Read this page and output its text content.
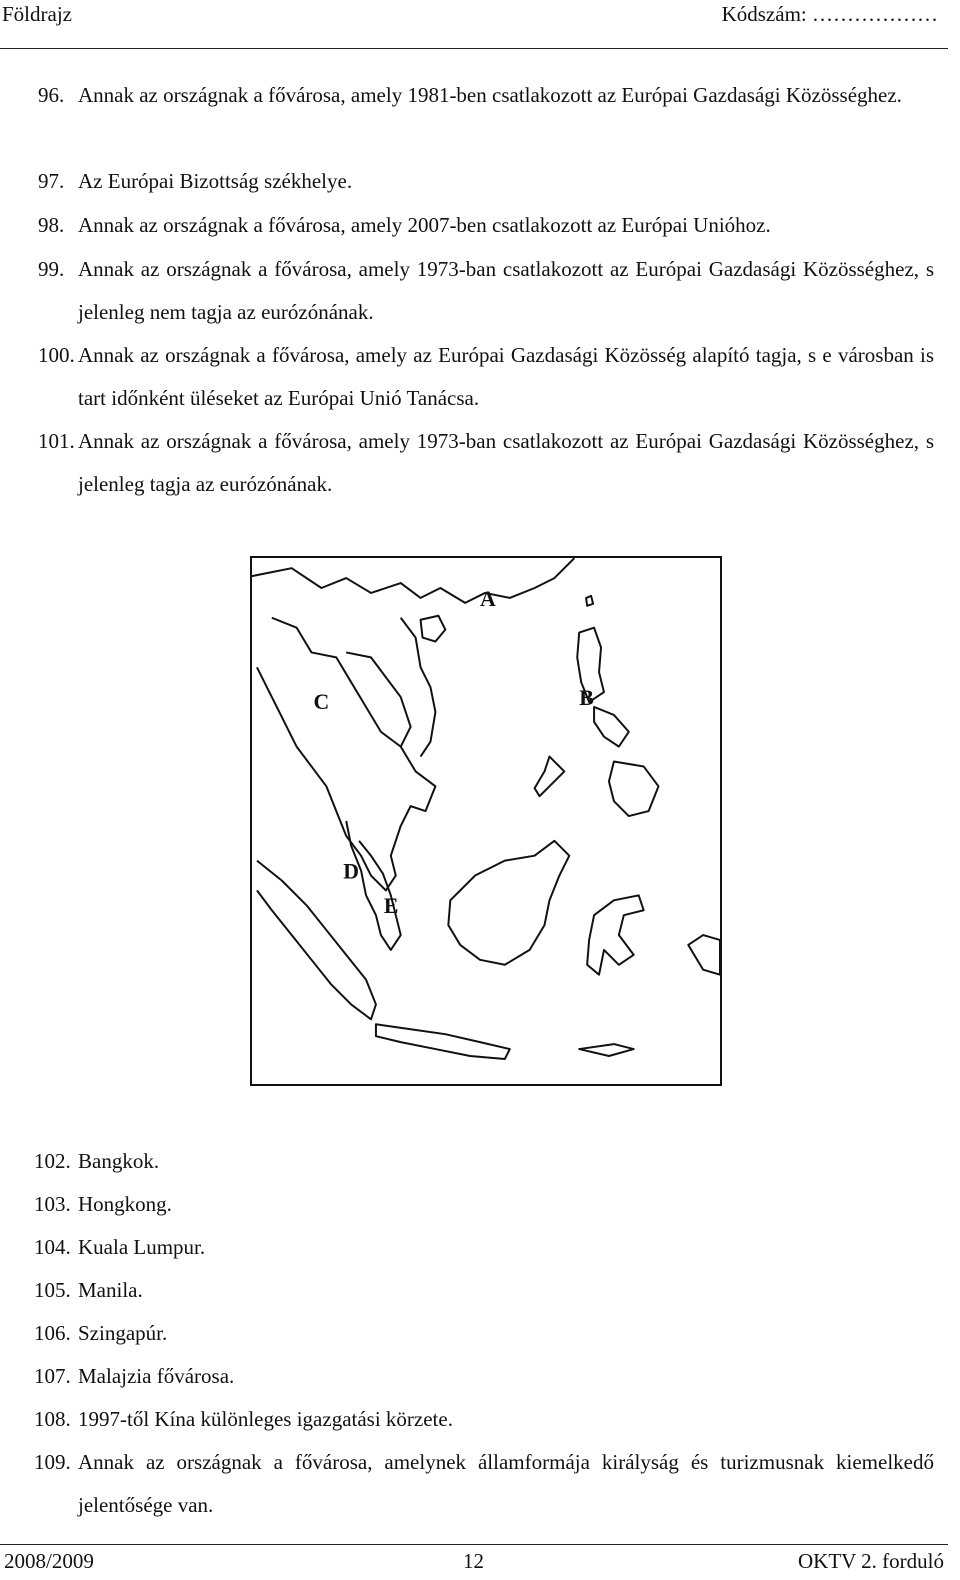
Földrajz	Kódszám: ………………
96. Annak az országnak a fővárosa, amely 1981-ben csatlakozott az Európai Gazdasági Közösséghez.
97. Az Európai Bizottság székhelye.
98. Annak az országnak a fővárosa, amely 2007-ben csatlakozott az Európai Unióhoz.
99. Annak az országnak a fővárosa, amely 1973-ban csatlakozott az Európai Gazdasági Közösséghez, s jelenleg nem tagja az eurózónának.
100. Annak az országnak a fővárosa, amely az Európai Gazdasági Közösség alapító tagja, s e városban is tart időnként üléseket az Európai Unió Tanácsa.
101. Annak az országnak a fővárosa, amely 1973-ban csatlakozott az Európai Gazdasági Közösséghez, s jelenleg tagja az eurózónának.
A
B
C
D
E
102. Bangkok.
103. Hongkong.
104. Kuala Lumpur.
105. Manila.
106. Szingapúr.
107. Malajzia fővárosa.
108. 1997-től Kína különleges igazgatási körzete.
109. Annak az országnak a fővárosa, amelynek államformája királyság és turizmusnak kiemelkedő jelentősége van.
2008/2009	12	OKTV 2. forduló
